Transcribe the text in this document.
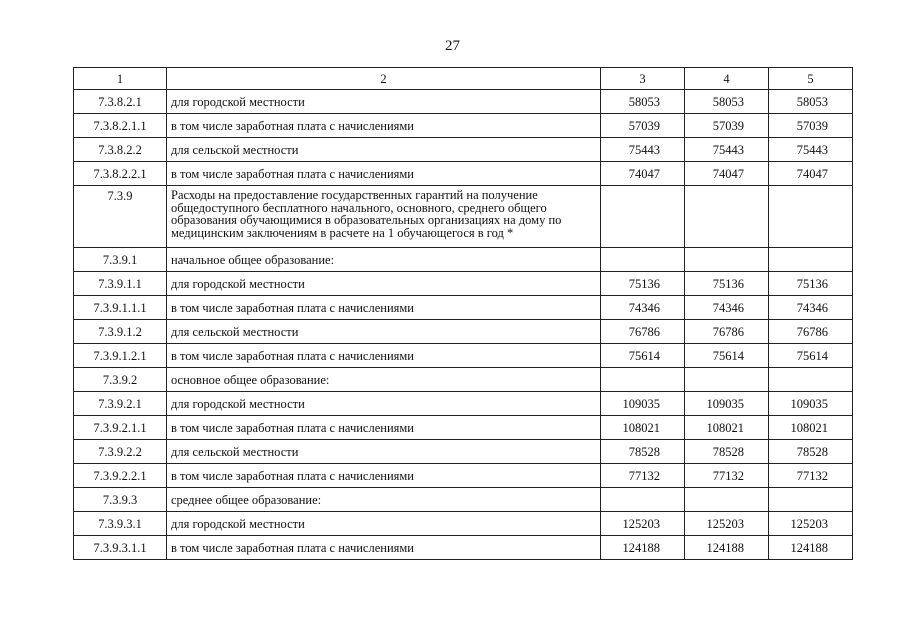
27
1	2	3	4	5
7.3.8.2.1	для городской местности	58053	58053	58053
7.3.8.2.1.1	в том числе заработная плата с начислениями	57039	57039	57039
7.3.8.2.2	для сельской местности	75443	75443	75443
7.3.8.2.2.1	в том числе заработная плата с начислениями	74047	74047	74047
7.3.9	Расходы на предоставление государственных гарантий на получение общедоступного бесплатного начального, основного, среднего общего образования обучающимися в образовательных организациях на дому по медицинским заключениям в расчете на 1 обучающегося в год *			
7.3.9.1	начальное общее образование:			
7.3.9.1.1	для городской местности	75136	75136	75136
7.3.9.1.1.1	в том числе заработная плата с начислениями	74346	74346	74346
7.3.9.1.2	для сельской местности	76786	76786	76786
7.3.9.1.2.1	в том числе заработная плата с начислениями	75614	75614	75614
7.3.9.2	основное общее образование:			
7.3.9.2.1	для городской местности	109035	109035	109035
7.3.9.2.1.1	в том числе заработная плата с начислениями	108021	108021	108021
7.3.9.2.2	для сельской местности	78528	78528	78528
7.3.9.2.2.1	в том числе заработная плата с начислениями	77132	77132	77132
7.3.9.3	среднее общее образование:			
7.3.9.3.1	для городской местности	125203	125203	125203
7.3.9.3.1.1	в том числе заработная плата с начислениями	124188	124188	124188
